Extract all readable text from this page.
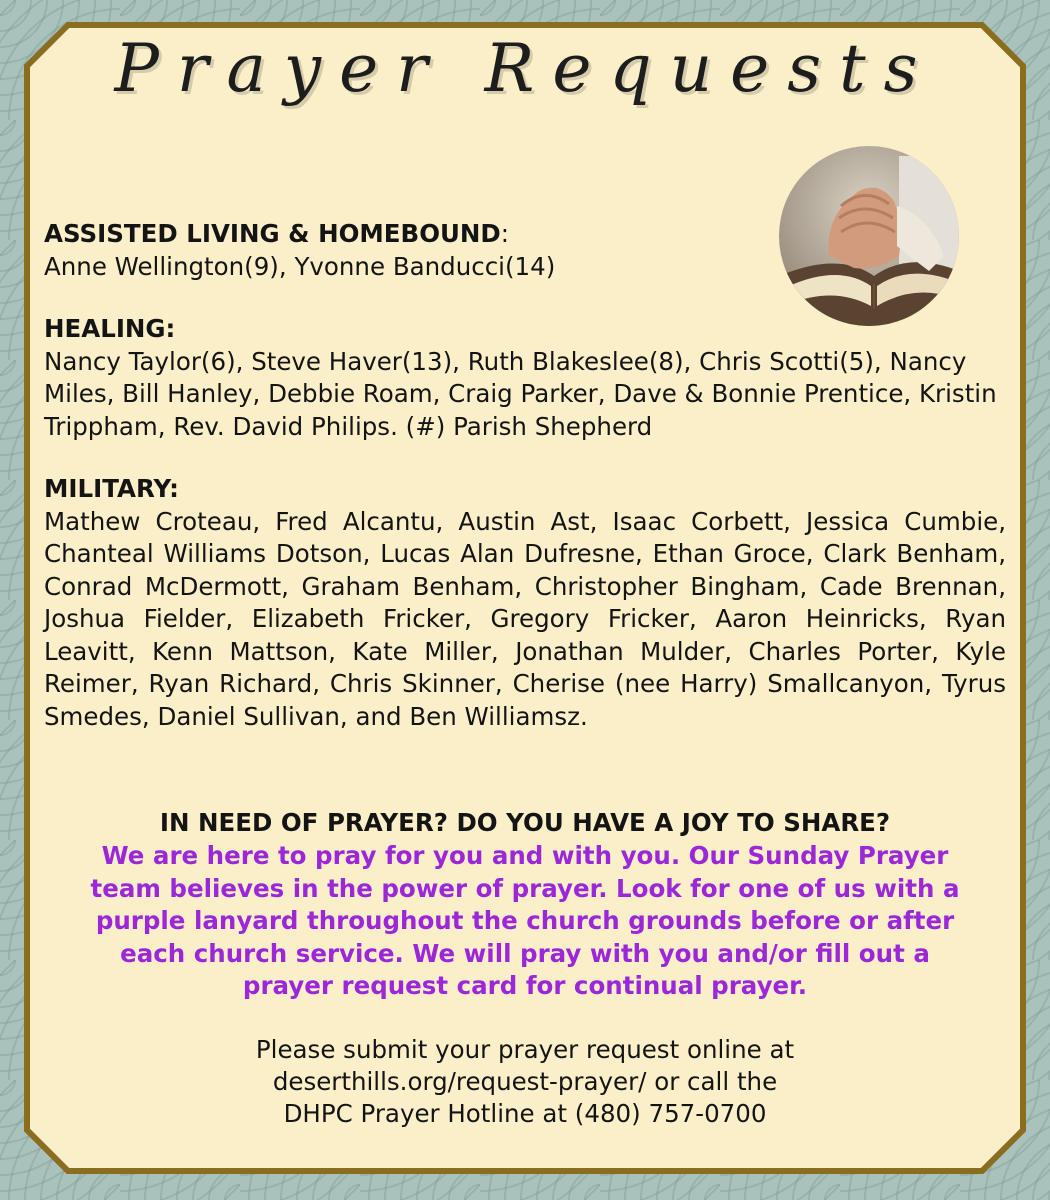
Prayer Requests
ASSISTED LIVING & HOMEBOUND:
Anne Wellington(9), Yvonne Banducci(14)
HEALING:
Nancy Taylor(6), Steve Haver(13), Ruth Blakeslee(8), Chris Scotti(5), Nancy Miles, Bill Hanley, Debbie Roam, Craig Parker, Dave & Bonnie Prentice, Kristin Trippham, Rev. David Philips. (#) Parish Shepherd
MILITARY:
Mathew Croteau, Fred Alcantu, Austin Ast, Isaac Corbett, Jessica Cumbie, Chanteal Williams Dotson, Lucas Alan Dufresne, Ethan Groce, Clark Benham, Conrad McDermott, Graham Benham, Christopher Bingham, Cade Brennan, Joshua Fielder, Elizabeth Fricker, Gregory Fricker, Aaron Heinricks, Ryan Leavitt, Kenn Mattson, Kate Miller, Jonathan Mulder, Charles Porter, Kyle Reimer, Ryan Richard, Chris Skinner, Cherise (nee Harry) Smallcanyon, Tyrus Smedes, Daniel Sullivan, and Ben Williamsz.
IN NEED OF PRAYER? DO YOU HAVE A JOY TO SHARE?
We are here to pray for you and with you. Our Sunday Prayer
team believes in the power of prayer. Look for one of us with a
purple lanyard throughout the church grounds before or after
each church service. We will pray with you and/or fill out a
prayer request card for continual prayer.
Please submit your prayer request online at
deserthills.org/request-prayer/ or call the
DHPC Prayer Hotline at (480) 757-0700
